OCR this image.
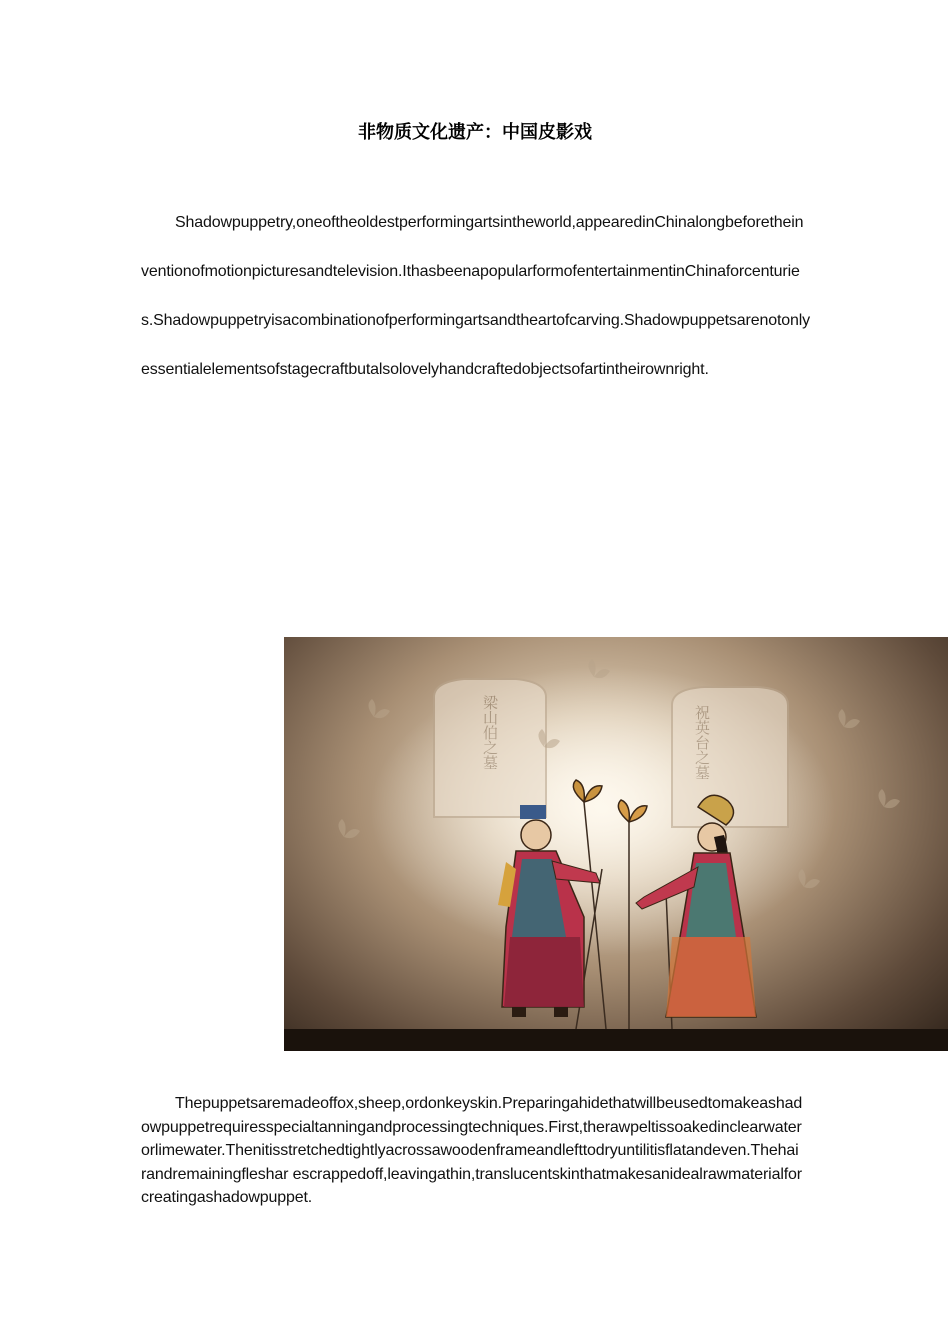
非物质文化遗产：中国皮影戏
Shadowpuppetry,oneoftheoldestperformingartsintheworld,appearedinChinalongbeforetheinventionofmotionpicturesandtelevision.IthasbeenapopularformofentertainmentinChinaforcenturies.Shadowpuppetryisacombinationofperformingartsandtheartofcarving.Shadowpuppetsarenotonlyessentialelementsofstagecraftbutalsolovelyhandcraftedobjectsofartintheirownright.
梁山伯之墓	祝英台之墓
Thepuppetsaremadeoffox,sheep,ordonkeyskin.Preparingahidethatwillbeusedtomakeashadowpuppetrequiresspecialtanningandprocessingtechniques.First,therawpeltissoakedinclearwaterorlimewater.Thenitisstretchedtightlyacrossawoodenframeandlefttodryuntilitisflatandeven.Thehairandremainingfleshar escrappedoff,leavingathin,translucentskinthatmakesanidealrawmaterialforcreatingashadowpuppet.
